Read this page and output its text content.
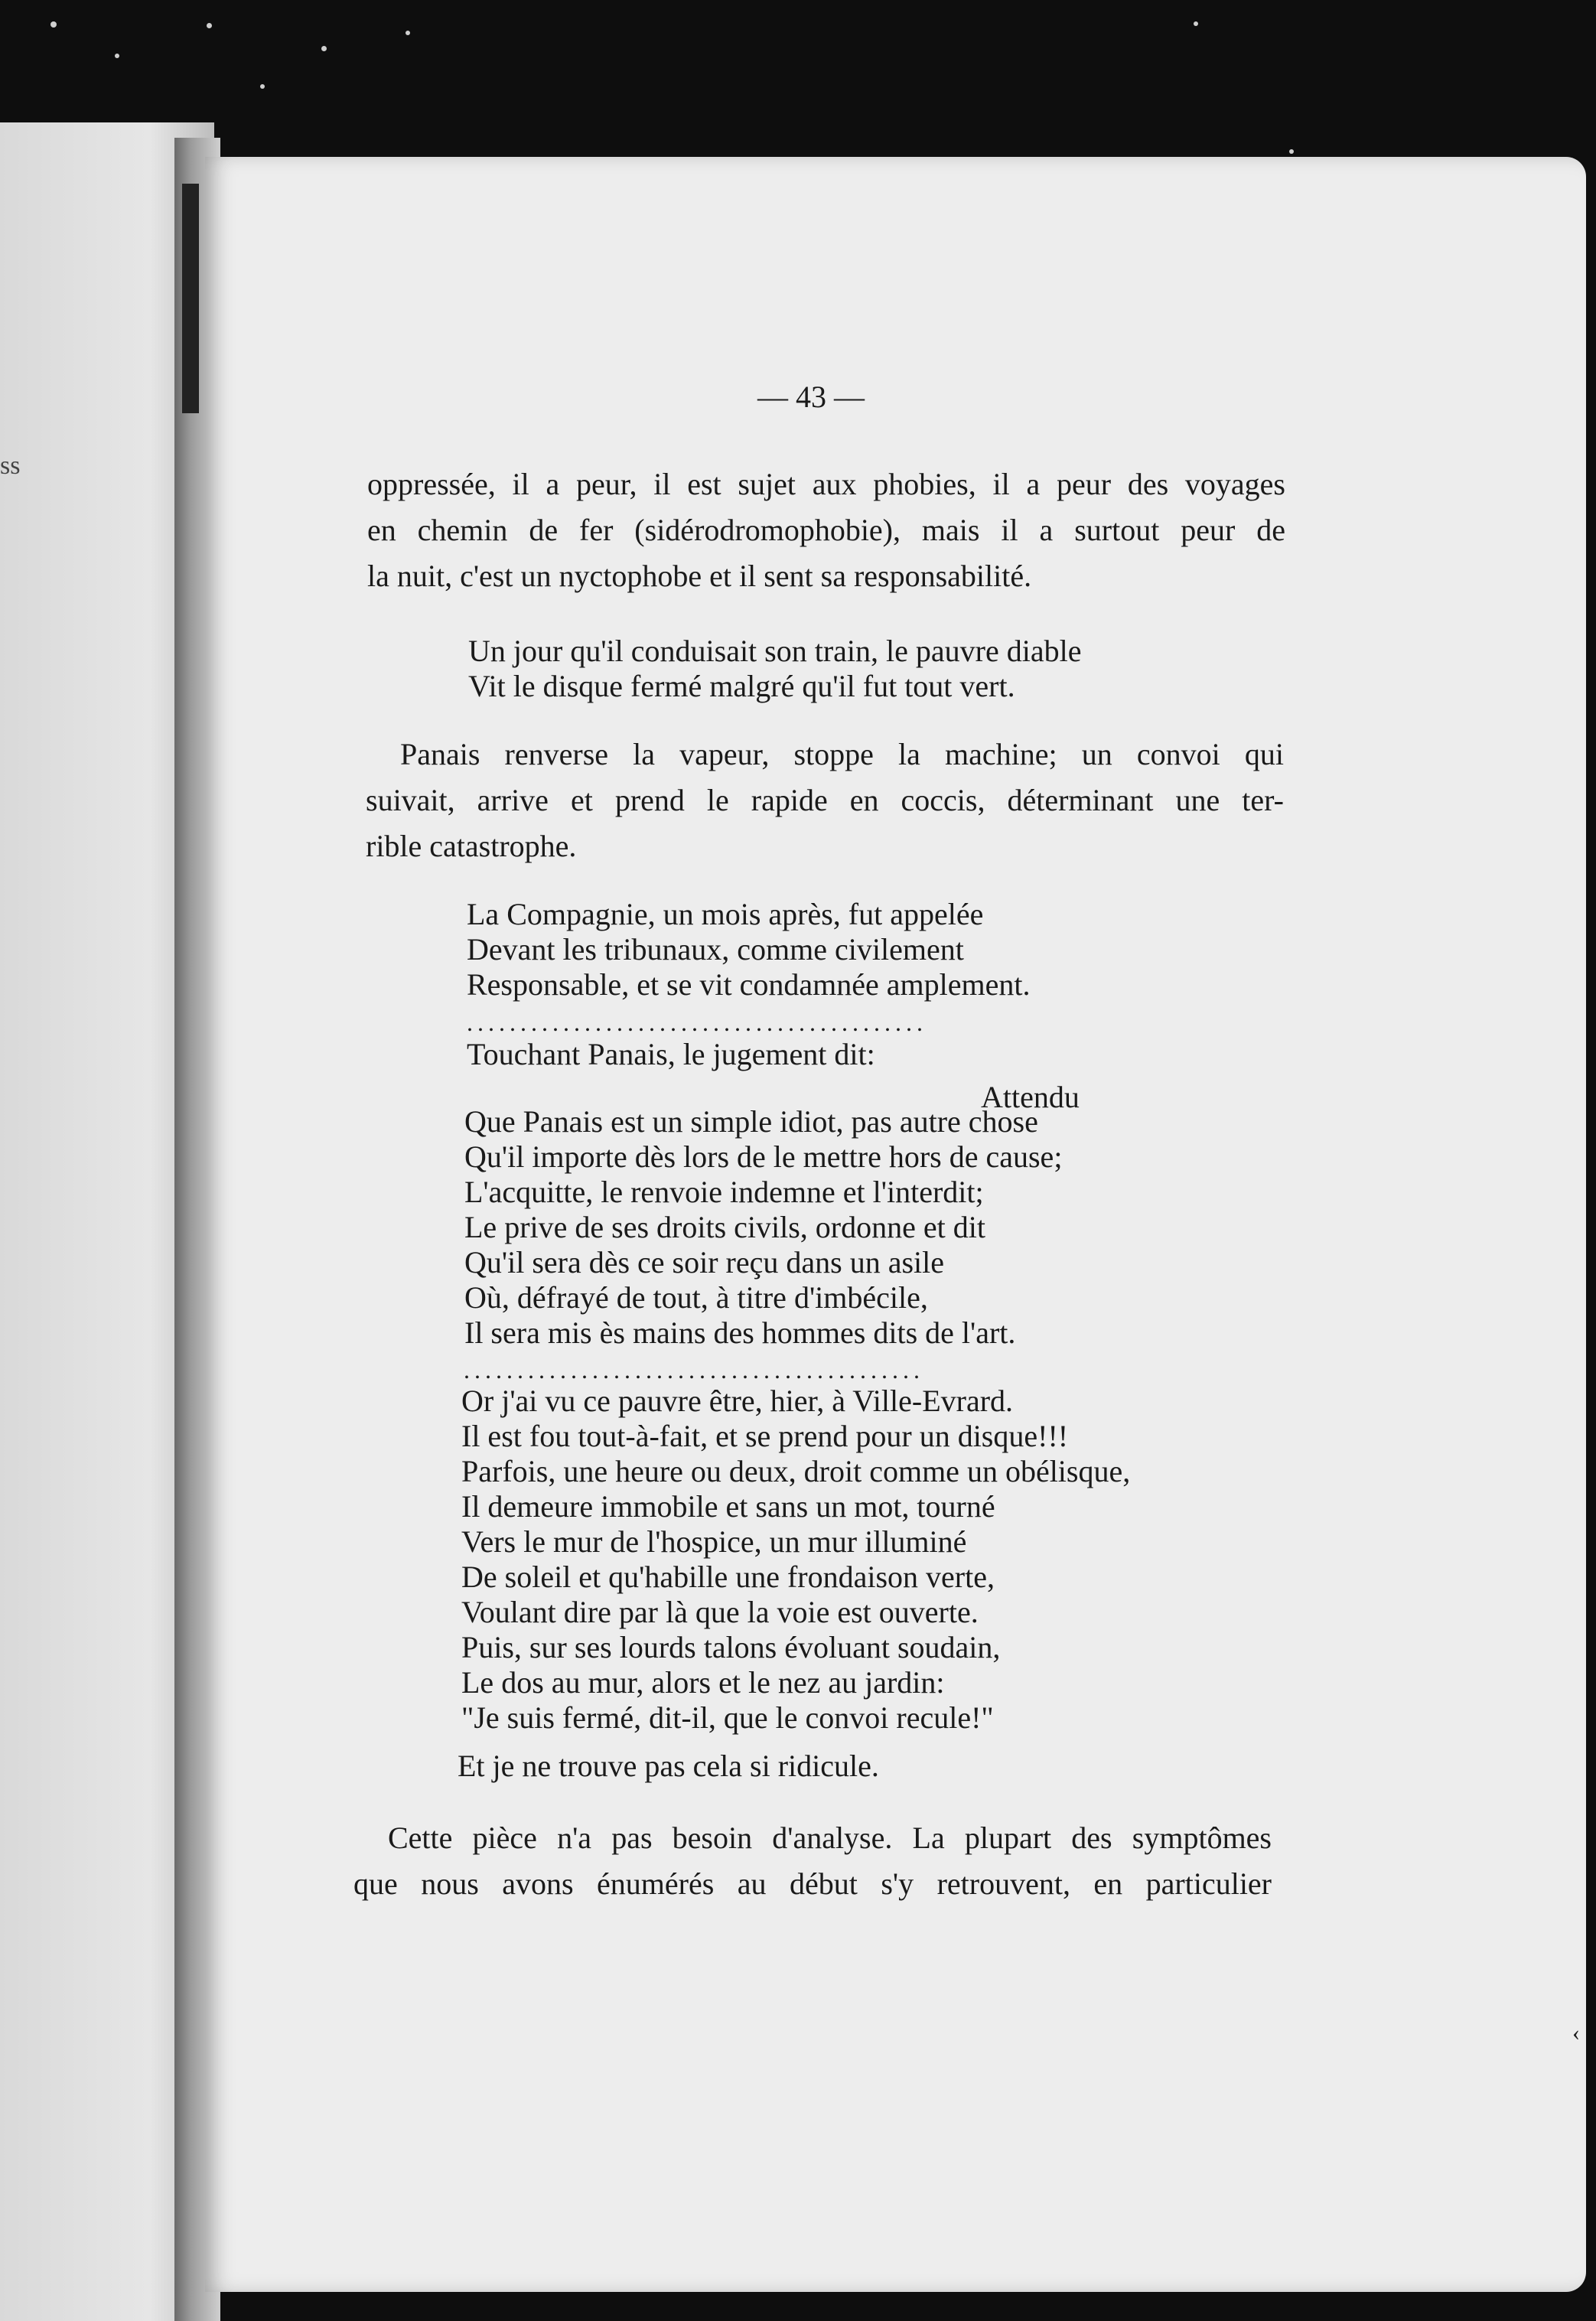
ss
— 43 —

oppressée, il a peur, il est sujet aux phobies, il a peur des voyages
en chemin de fer (sidérodromophobie), mais il a surtout peur de
la nuit, c'est un nyctophobe et il sent sa responsabilité.

Un jour qu'il conduisait son train, le pauvre diable
Vit le disque fermé malgré qu'il fut tout vert.

Panais renverse la vapeur, stoppe la machine; un convoi qui
suivait, arrive et prend le rapide en coccis, déterminant une ter-
rible catastrophe.

La Compagnie, un mois après, fut appelée
Devant les tribunaux, comme civilement
Responsable, et se vit condamnée amplement.
...........................................
Touchant Panais, le jugement dit:
Attendu
Que Panais est un simple idiot, pas autre chose
Qu'il importe dès lors de le mettre hors de cause;
L'acquitte, le renvoie indemne et l'interdit;
Le prive de ses droits civils, ordonne et dit
Qu'il sera dès ce soir reçu dans un asile
Où, défrayé de tout, à titre d'imbécile,
Il sera mis ès mains des hommes dits de l'art.
...........................................
Or j'ai vu ce pauvre être, hier, à Ville-Evrard.
Il est fou tout-à-fait, et se prend pour un disque!!!
Parfois, une heure ou deux, droit comme un obélisque,
Il demeure immobile et sans un mot, tourné
Vers le mur de l'hospice, un mur illuminé
De soleil et qu'habille une frondaison verte,
Voulant dire par là que la voie est ouverte.
Puis, sur ses lourds talons évoluant soudain,
Le dos au mur, alors et le nez au jardin:
"Je suis fermé, dit-il, que le convoi recule!"
Et je ne trouve pas cela si ridicule.

Cette pièce n'a pas besoin d'analyse. La plupart des symptômes
que nous avons énumérés au début s'y retrouvent, en particulier

‹
